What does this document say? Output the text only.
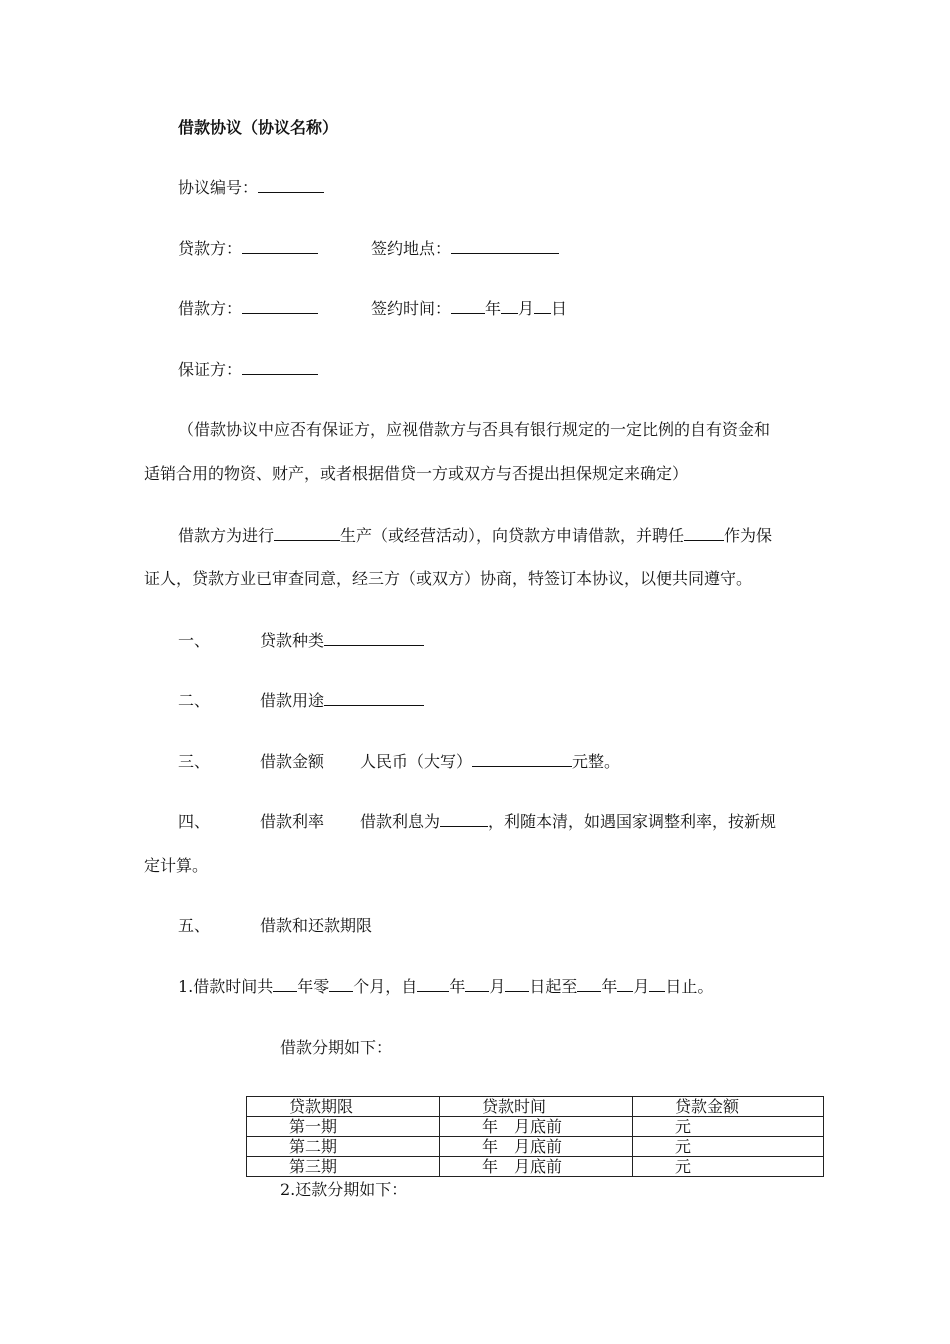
借款协议（协议名称）
协议编号：
贷款方：	签约地点：
借款方：	签约时间： 年 月 日
保证方：
（借款协议中应否有保证方，应视借款方与否具有银行规定的一定比例的自有资金和
适销合用的物资、财产，或者根据借贷一方或双方与否提出担保规定来确定）
借款方为进行	生产（或经营活动），向贷款方申请借款，并聘任	作为保
证人，贷款方业已审查同意，经三方（或双方）协商，特签订本协议，以便共同遵守。
一、	贷款种类
二、	借款用途
三、	借款金额 人民币（大写）	元整。
四、	借款利率 借款利息为	，利随本清，如遇国家调整利率，按新规
定计算。
五、	借款和还款期限
1.借款时间共 年零 个月，自 年 月 日起至 年 月 日止。
借款分期如下：
贷款期限	贷款时间	贷款金额
第一期	年　月底前	元
第二期	年　月底前	元
第三期	年　月底前	元
2.还款分期如下：
